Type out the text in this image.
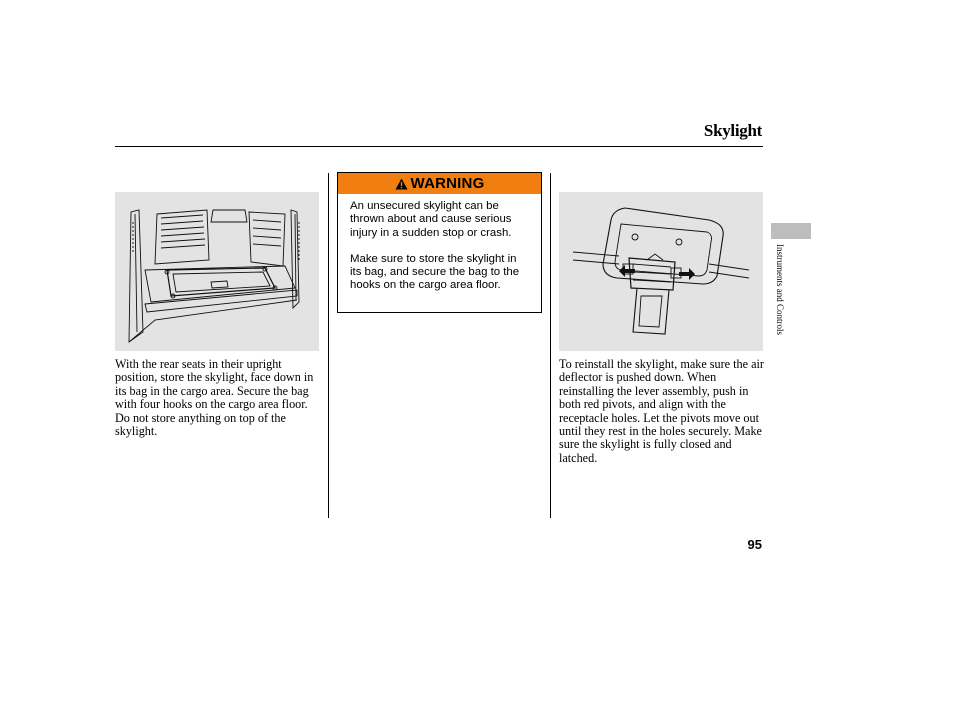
Skylight

With the rear seats in their upright position, store the skylight, face down in its bag in the cargo area. Secure the bag with four hooks on the cargo area floor. Do not store anything on top of the skylight.

WARNING

An unsecured skylight can be thrown about and cause serious injury in a sudden stop or crash.

Make sure to store the skylight in its bag, and secure the bag to the hooks on the cargo area floor.

To reinstall the skylight, make sure the air deflector is pushed down. When reinstalling the lever assembly, push in both red pivots, and align with the receptacle holes. Let the pivots move out until they rest in the holes securely. Make sure the skylight is fully closed and latched.

Instruments and Controls
95
